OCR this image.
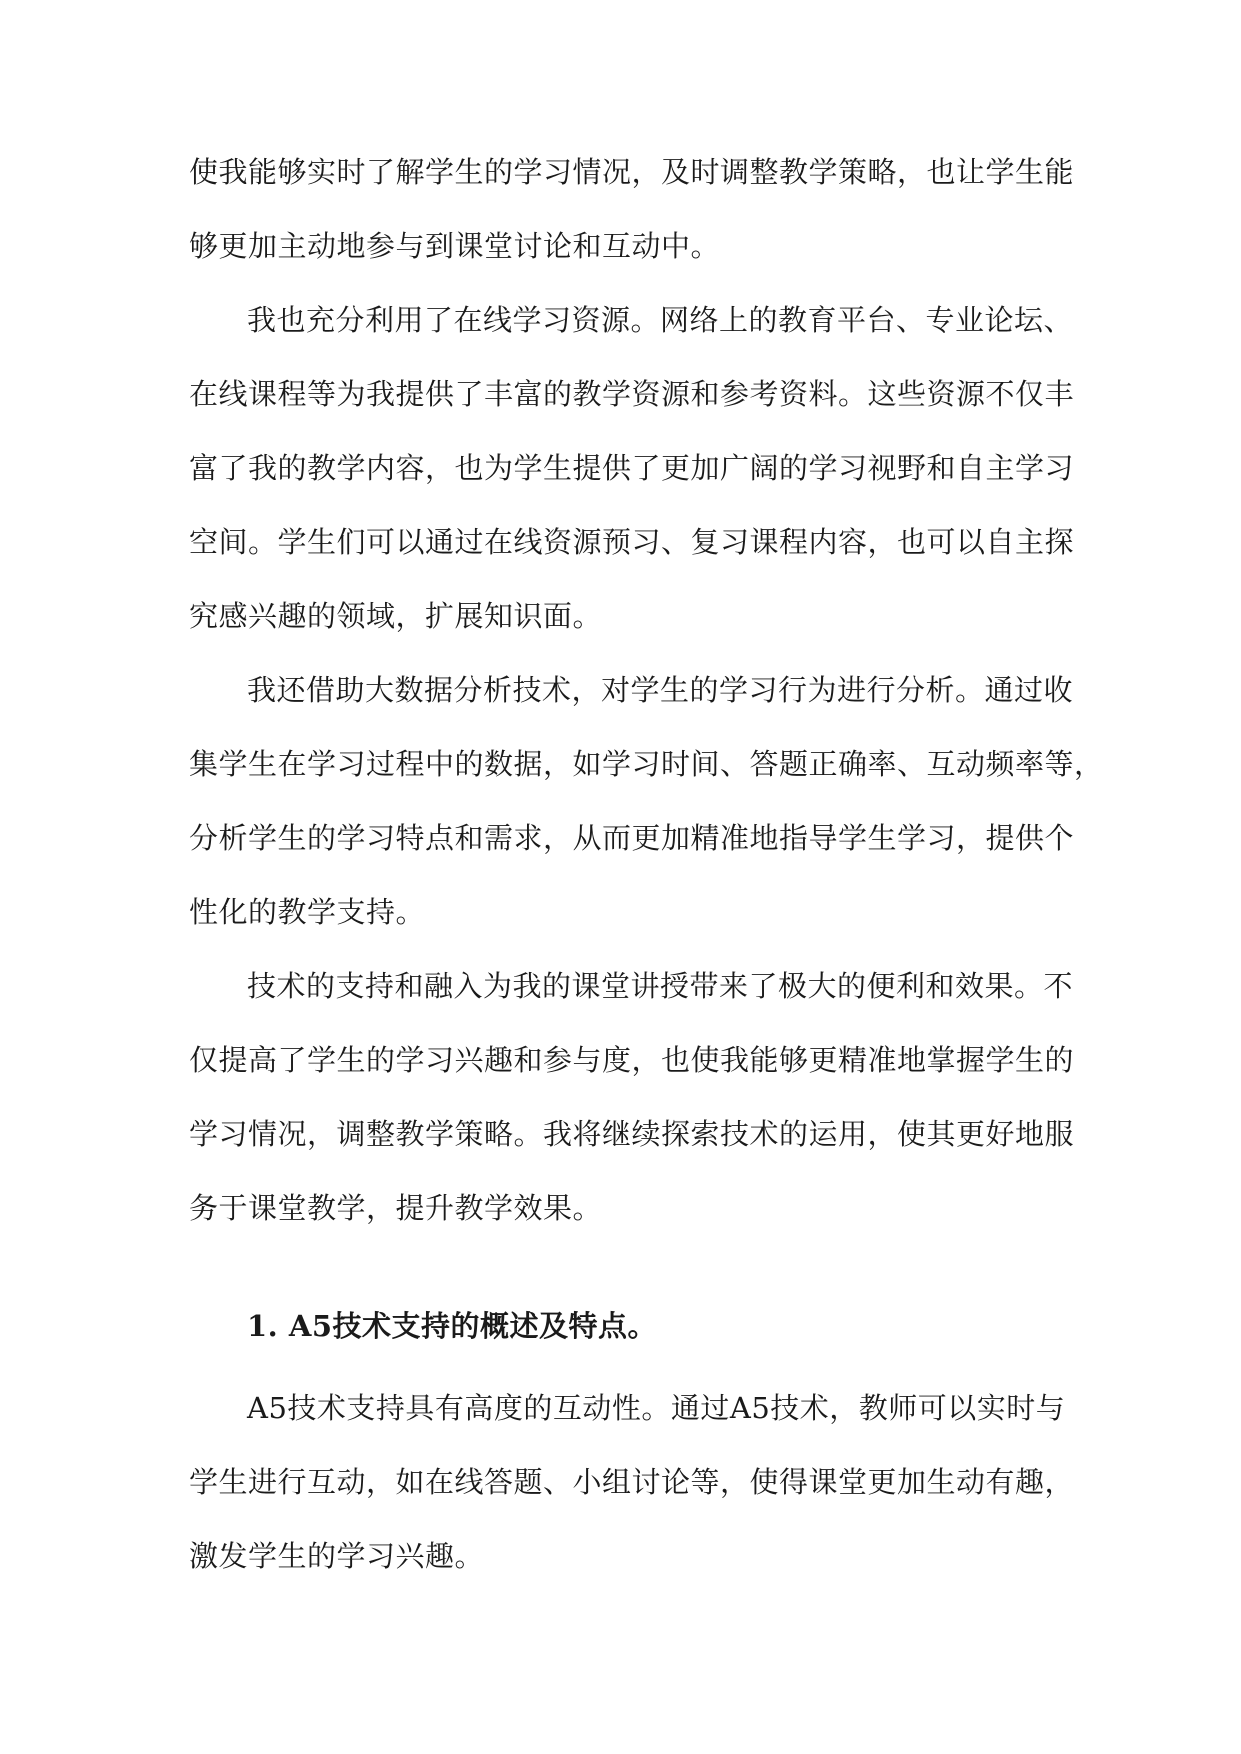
使我能够实时了解学生的学习情况，及时调整教学策略，也让学生能
够更加主动地参与到课堂讨论和互动中。
我也充分利用了在线学习资源。网络上的教育平台、专业论坛、
在线课程等为我提供了丰富的教学资源和参考资料。这些资源不仅丰
富了我的教学内容，也为学生提供了更加广阔的学习视野和自主学习
空间。学生们可以通过在线资源预习、复习课程内容，也可以自主探
究感兴趣的领域，扩展知识面。
我还借助大数据分析技术，对学生的学习行为进行分析。通过收
集学生在学习过程中的数据，如学习时间、答题正确率、互动频率等，
分析学生的学习特点和需求，从而更加精准地指导学生学习，提供个
性化的教学支持。
技术的支持和融入为我的课堂讲授带来了极大的便利和效果。不
仅提高了学生的学习兴趣和参与度，也使我能够更精准地掌握学生的
学习情况，调整教学策略。我将继续探索技术的运用，使其更好地服
务于课堂教学，提升教学效果。
1. A5技术支持的概述及特点。
A5技术支持具有高度的互动性。通过A5技术，教师可以实时与
学生进行互动，如在线答题、小组讨论等，使得课堂更加生动有趣，
激发学生的学习兴趣。
